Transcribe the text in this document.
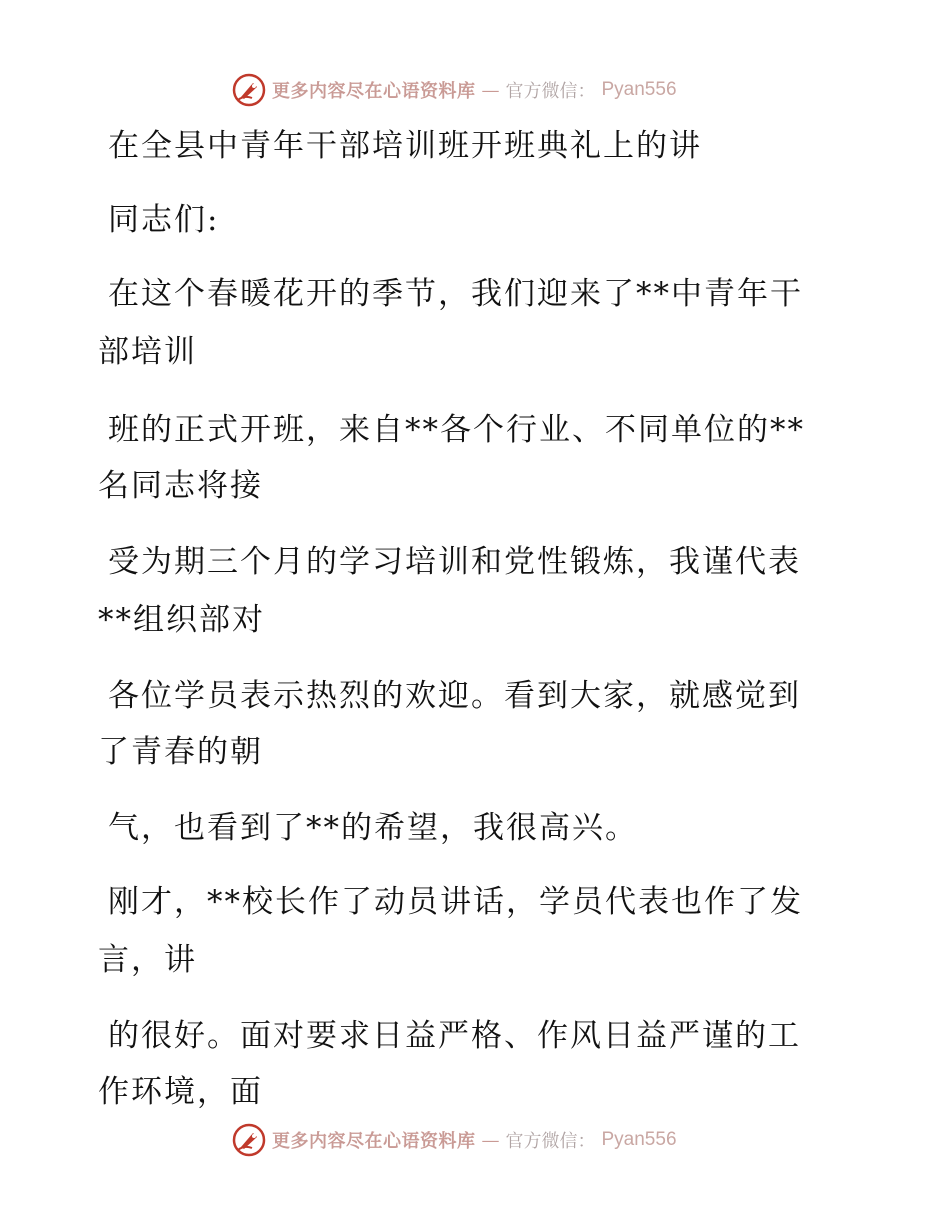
更多内容尽在心语资料库 — 官方微信： Pyan556
在全县中青年干部培训班开班典礼上的讲
同志们:
在这个春暖花开的季节，我们迎来了**中青年干
部培训
班的正式开班，来自**各个行业、不同单位的**
名同志将接
受为期三个月的学习培训和党性锻炼，我谨代表
**组织部对
各位学员表示热烈的欢迎。看到大家，就感觉到
了青春的朝
气，也看到了**的希望，我很高兴。
刚才，**校长作了动员讲话，学员代表也作了发
言，讲
的很好。面对要求日益严格、作风日益严谨的工
作环境，面
更多内容尽在心语资料库 — 官方微信： Pyan556
